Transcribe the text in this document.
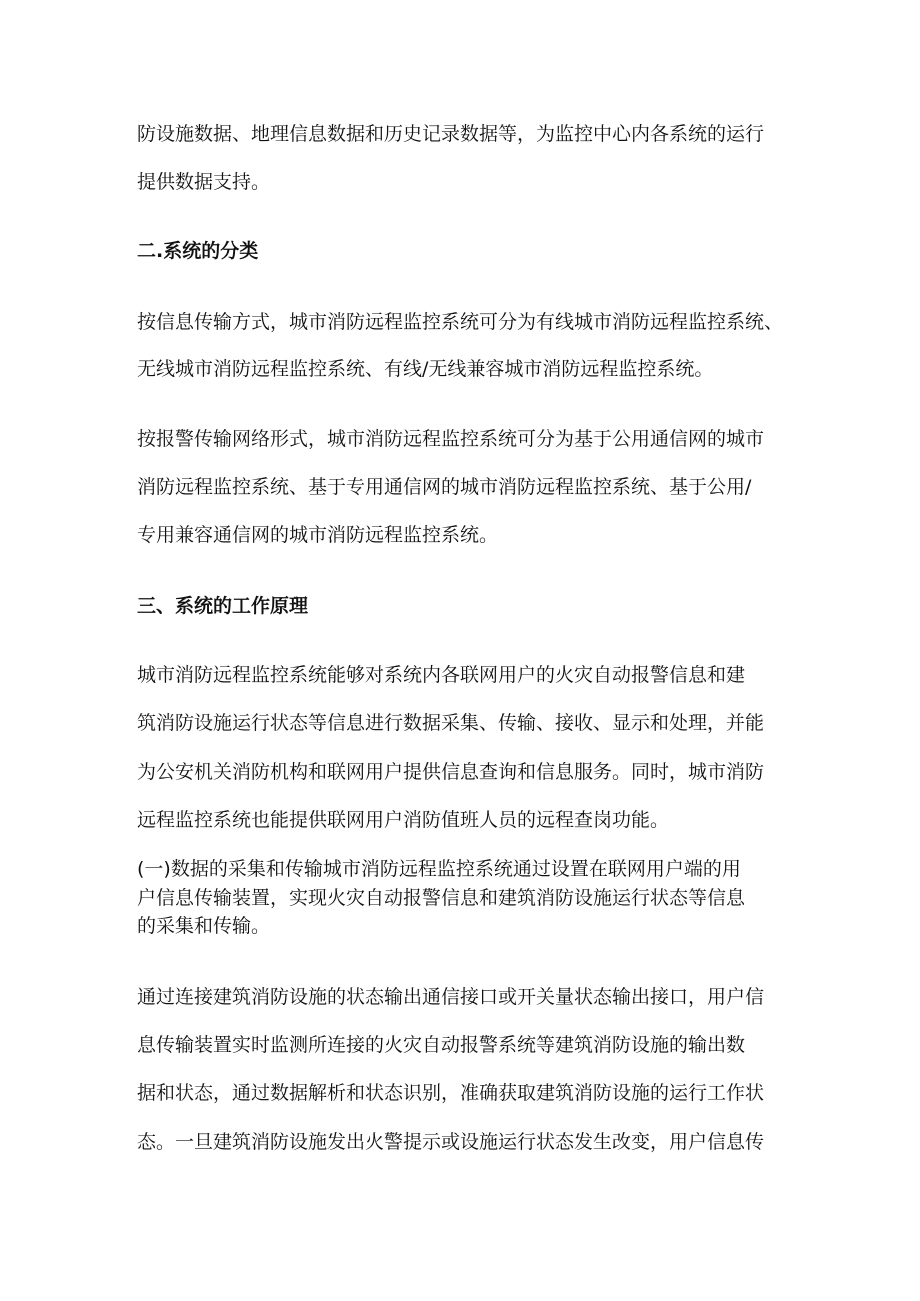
防设施数据、地理信息数据和历史记录数据等，为监控中心内各系统的运行
提供数据支持。
二.系统的分类
按信息传输方式，城市消防远程监控系统可分为有线城市消防远程监控系统、
无线城市消防远程监控系统、有线/无线兼容城市消防远程监控系统。
按报警传输网络形式，城市消防远程监控系统可分为基于公用通信网的城市
消防远程监控系统、基于专用通信网的城市消防远程监控系统、基于公用/
专用兼容通信网的城市消防远程监控系统。
三、系统的工作原理
城市消防远程监控系统能够对系统内各联网用户的火灾自动报警信息和建
筑消防设施运行状态等信息进行数据采集、传输、接收、显示和处理，并能
为公安机关消防机构和联网用户提供信息查询和信息服务。同时，城市消防
远程监控系统也能提供联网用户消防值班人员的远程查岗功能。
(一)数据的采集和传输城市消防远程监控系统通过设置在联网用户端的用
户信息传输装置，实现火灾自动报警信息和建筑消防设施运行状态等信息
的采集和传输。
通过连接建筑消防设施的状态输出通信接口或开关量状态输出接口，用户信
息传输装置实时监测所连接的火灾自动报警系统等建筑消防设施的输出数
据和状态，通过数据解析和状态识别，准确获取建筑消防设施的运行工作状
态。一旦建筑消防设施发出火警提示或设施运行状态发生改变，用户信息传
